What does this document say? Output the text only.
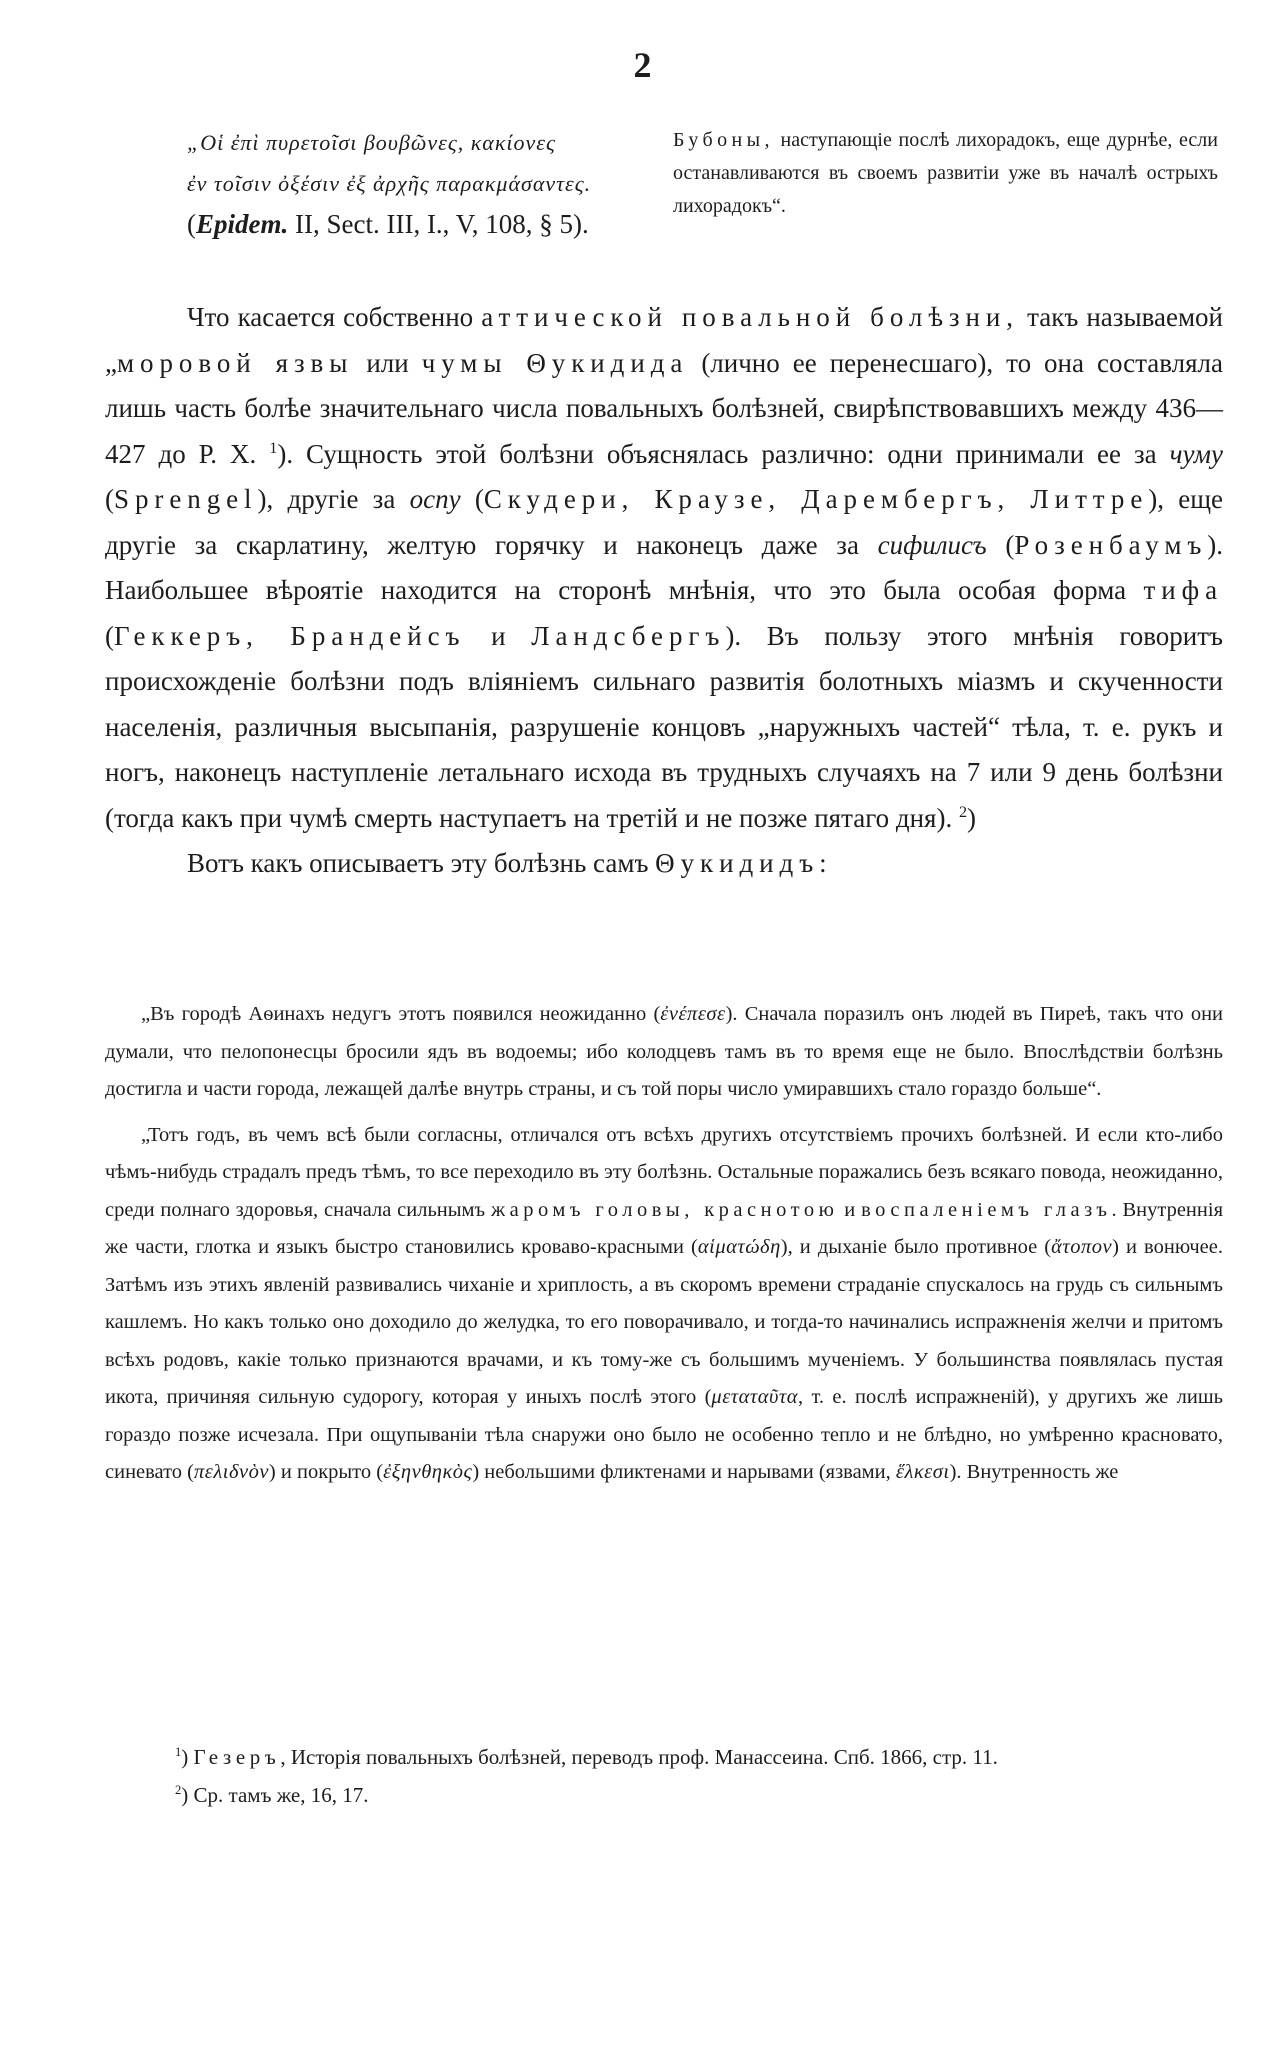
2
„Οἱ ἐπὶ πυρετοῖσι βουβῶνες, κακίονες
ἐν τοῖσιν ὀξέσιν ἐξ ἀρχῆς παρακμάσαντες.
(Epidem. II, Sect. III, I., V, 108, § 5).
Бубоны, наступающіе послѣ лихорадокъ, еще дурнѣе, если останавливаются въ своемъ развитіи уже въ началѣ острыхъ лихорадокъ“.

Что касается собственно аттической повальной болѣзни, такъ называемой „моровой язвы или чумы Θукидида (лично ее перенесшаго), то она составляла лишь часть болѣе значительнаго числа повальныхъ болѣзней, свирѣпствовавшихъ между 436—427 до Р. Х. $^1$). Сущность этой болѣзни объяснялась различно: одни принимали ее за чуму (Sprengel), другіе за оспу (Скудери, Краузе, Дарембергъ, Литтре), еще другіе за скарлатину, желтую горячку и наконецъ даже за сифилисъ (Розенбаумъ). Наибольшее вѣроятіе находится на сторонѣ мнѣнія, что это была особая форма тифа (Геккеръ, Брандейсъ и Ландсбергъ). Въ пользу этого мнѣнія говоритъ происхожденіе болѣзни подъ вліяніемъ сильнаго развитія болотныхъ міазмъ и скученности населенія, различныя высыпанія, разрушеніе концовъ „наружныхъ частей“ тѣла, т. е. рукъ и ногъ, наконецъ наступленіе летальнаго исхода въ трудныхъ случаяхъ на 7 или 9 день болѣзни (тогда какъ при чумѣ смерть наступаетъ на третій и не позже пятаго дня). $^2$)

Вотъ какъ описываетъ эту болѣзнь самъ Θукидидъ:

„Въ городѣ Аѳинахъ недугъ этотъ появился неожиданно (ἐνέπεσε). Сначала поразилъ онъ людей въ Пиреѣ, такъ что они думали, что пелопонесцы бросили ядъ въ водоемы; ибо колодцевъ тамъ въ то время еще не было. Впослѣдствіи болѣзнь достигла и части города, лежащей далѣе внутрь страны, и съ той поры число умиравшихъ стало гораздо больше“.

„Тотъ годъ, въ чемъ всѣ были согласны, отличался отъ всѣхъ другихъ отсутствіемъ прочихъ болѣзней. И если кто-либо чѣмъ-нибудь страдалъ предъ тѣмъ, то все переходило въ эту болѣзнь. Остальные поражались безъ всякаго повода, неожиданно, среди полнаго здоровья, сначала сильнымъ жаромъ головы, краснотою и воспаленіемъ глазъ. Внутреннія же части, глотка и языкъ быстро становились кроваво-красными (αἱματώδη), и дыханіе было противное (ἄτοπον) и вонючее. Затѣмъ изъ этихъ явленій развивались чиханіе и хриплость, а въ скоромъ времени страданіе спускалось на грудь съ сильнымъ кашлемъ. Но какъ только оно доходило до желудка, то его поворачивало, и тогда-то начинались испражненія желчи и притомъ всѣхъ родовъ, какіе только признаются врачами, и къ тому-же съ большимъ мученіемъ. У большинства появлялась пустая икота, причиняя сильную судорогу, которая у иныхъ послѣ этого (μεταταῦτα, т. е. послѣ испражненій), у другихъ же лишь гораздо позже исчезала. При ощупываніи тѣла снаружи оно было не особенно тепло и не блѣдно, но умѣренно красновато, синевато (πελιδνὸν) и покрыто (ἐξηνθηκὸς) небольшими фликтенами и нарывами (язвами, ἕλκεσι). Внутренность же

$^1$) Гезеръ, Исторія повальныхъ болѣзней, переводъ проф. Манассеина. Спб. 1866, стр. 11.

$^2$) Ср. тамъ же, 16, 17.
